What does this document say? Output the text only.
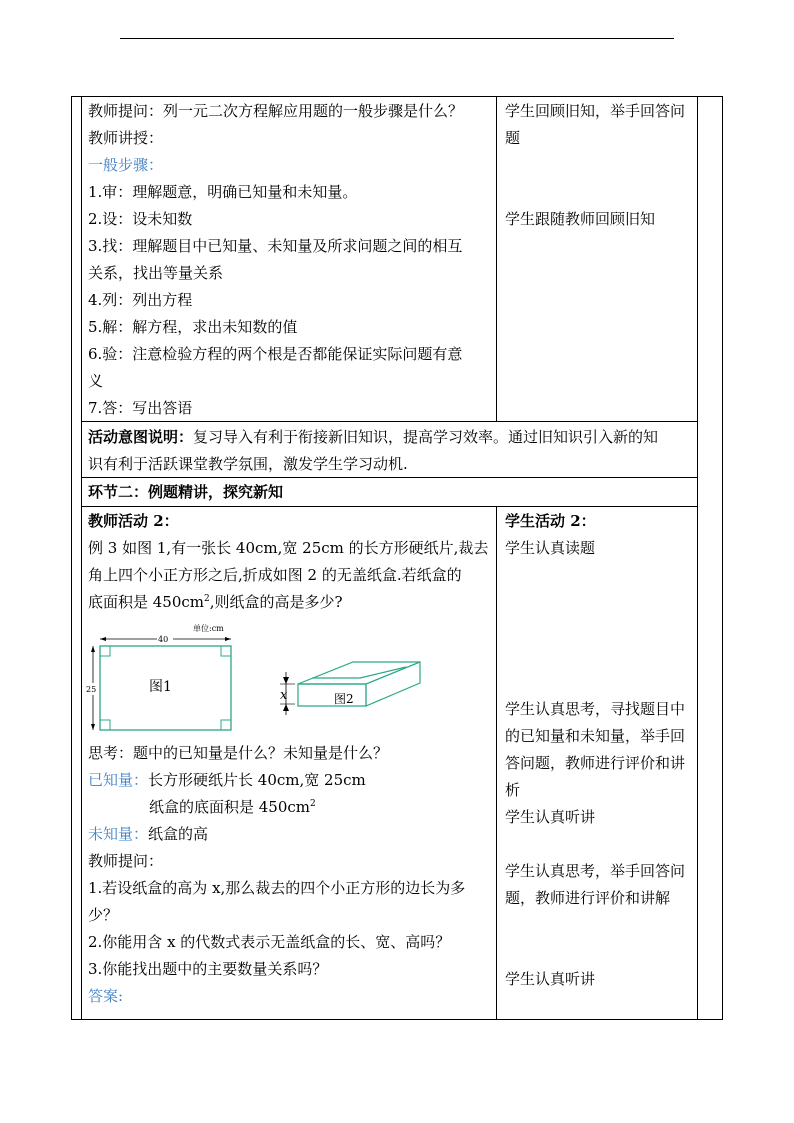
教师提问：列一元二次方程解应用题的一般步骤是什么？
教师讲授：
一般步骤：
1.审：理解题意，明确已知量和未知量。
2.设：设未知数
3.找：理解题目中已知量、未知量及所求问题之间的相互
关系，找出等量关系
4.列：列出方程
5.解：解方程，求出未知数的值
6.验：注意检验方程的两个根是否都能保证实际问题有意
义
7.答：写出答语
学生回顾旧知，举手回答问
题
学生跟随教师回顾旧知
活动意图说明：复习导入有利于衔接新旧知识，提高学习效率。通过旧知识引入新的知
识有利于活跃课堂教学氛围，激发学生学习动机.
环节二：例题精讲，探究新知
教师活动 2：
例 3 如图 1,有一张长 40cm,宽 25cm 的长方形硬纸片,裁去
角上四个小正方形之后,折成如图 2 的无盖纸盒.若纸盒的
底面积是 $450cm^2$,则纸盒的高是多少?
单位:cm
40
25	图1
x	图2
思考：题中的已知量是什么？未知量是什么？
已知量：长方形硬纸片长 40cm,宽 25cm
纸盒的底面积是 $450cm^2$
未知量：纸盒的高
教师提问：
1.若设纸盒的高为 x,那么裁去的四个小正方形的边长为多
少？
2.你能用含 x 的代数式表示无盖纸盒的长、宽、高吗？
3.你能找出题中的主要数量关系吗？
答案:
学生活动 2：
学生认真读题
学生认真思考，寻找题目中
的已知量和未知量，举手回
答问题，教师进行评价和讲
析
学生认真听讲
学生认真思考，举手回答问
题，教师进行评价和讲解
学生认真听讲
